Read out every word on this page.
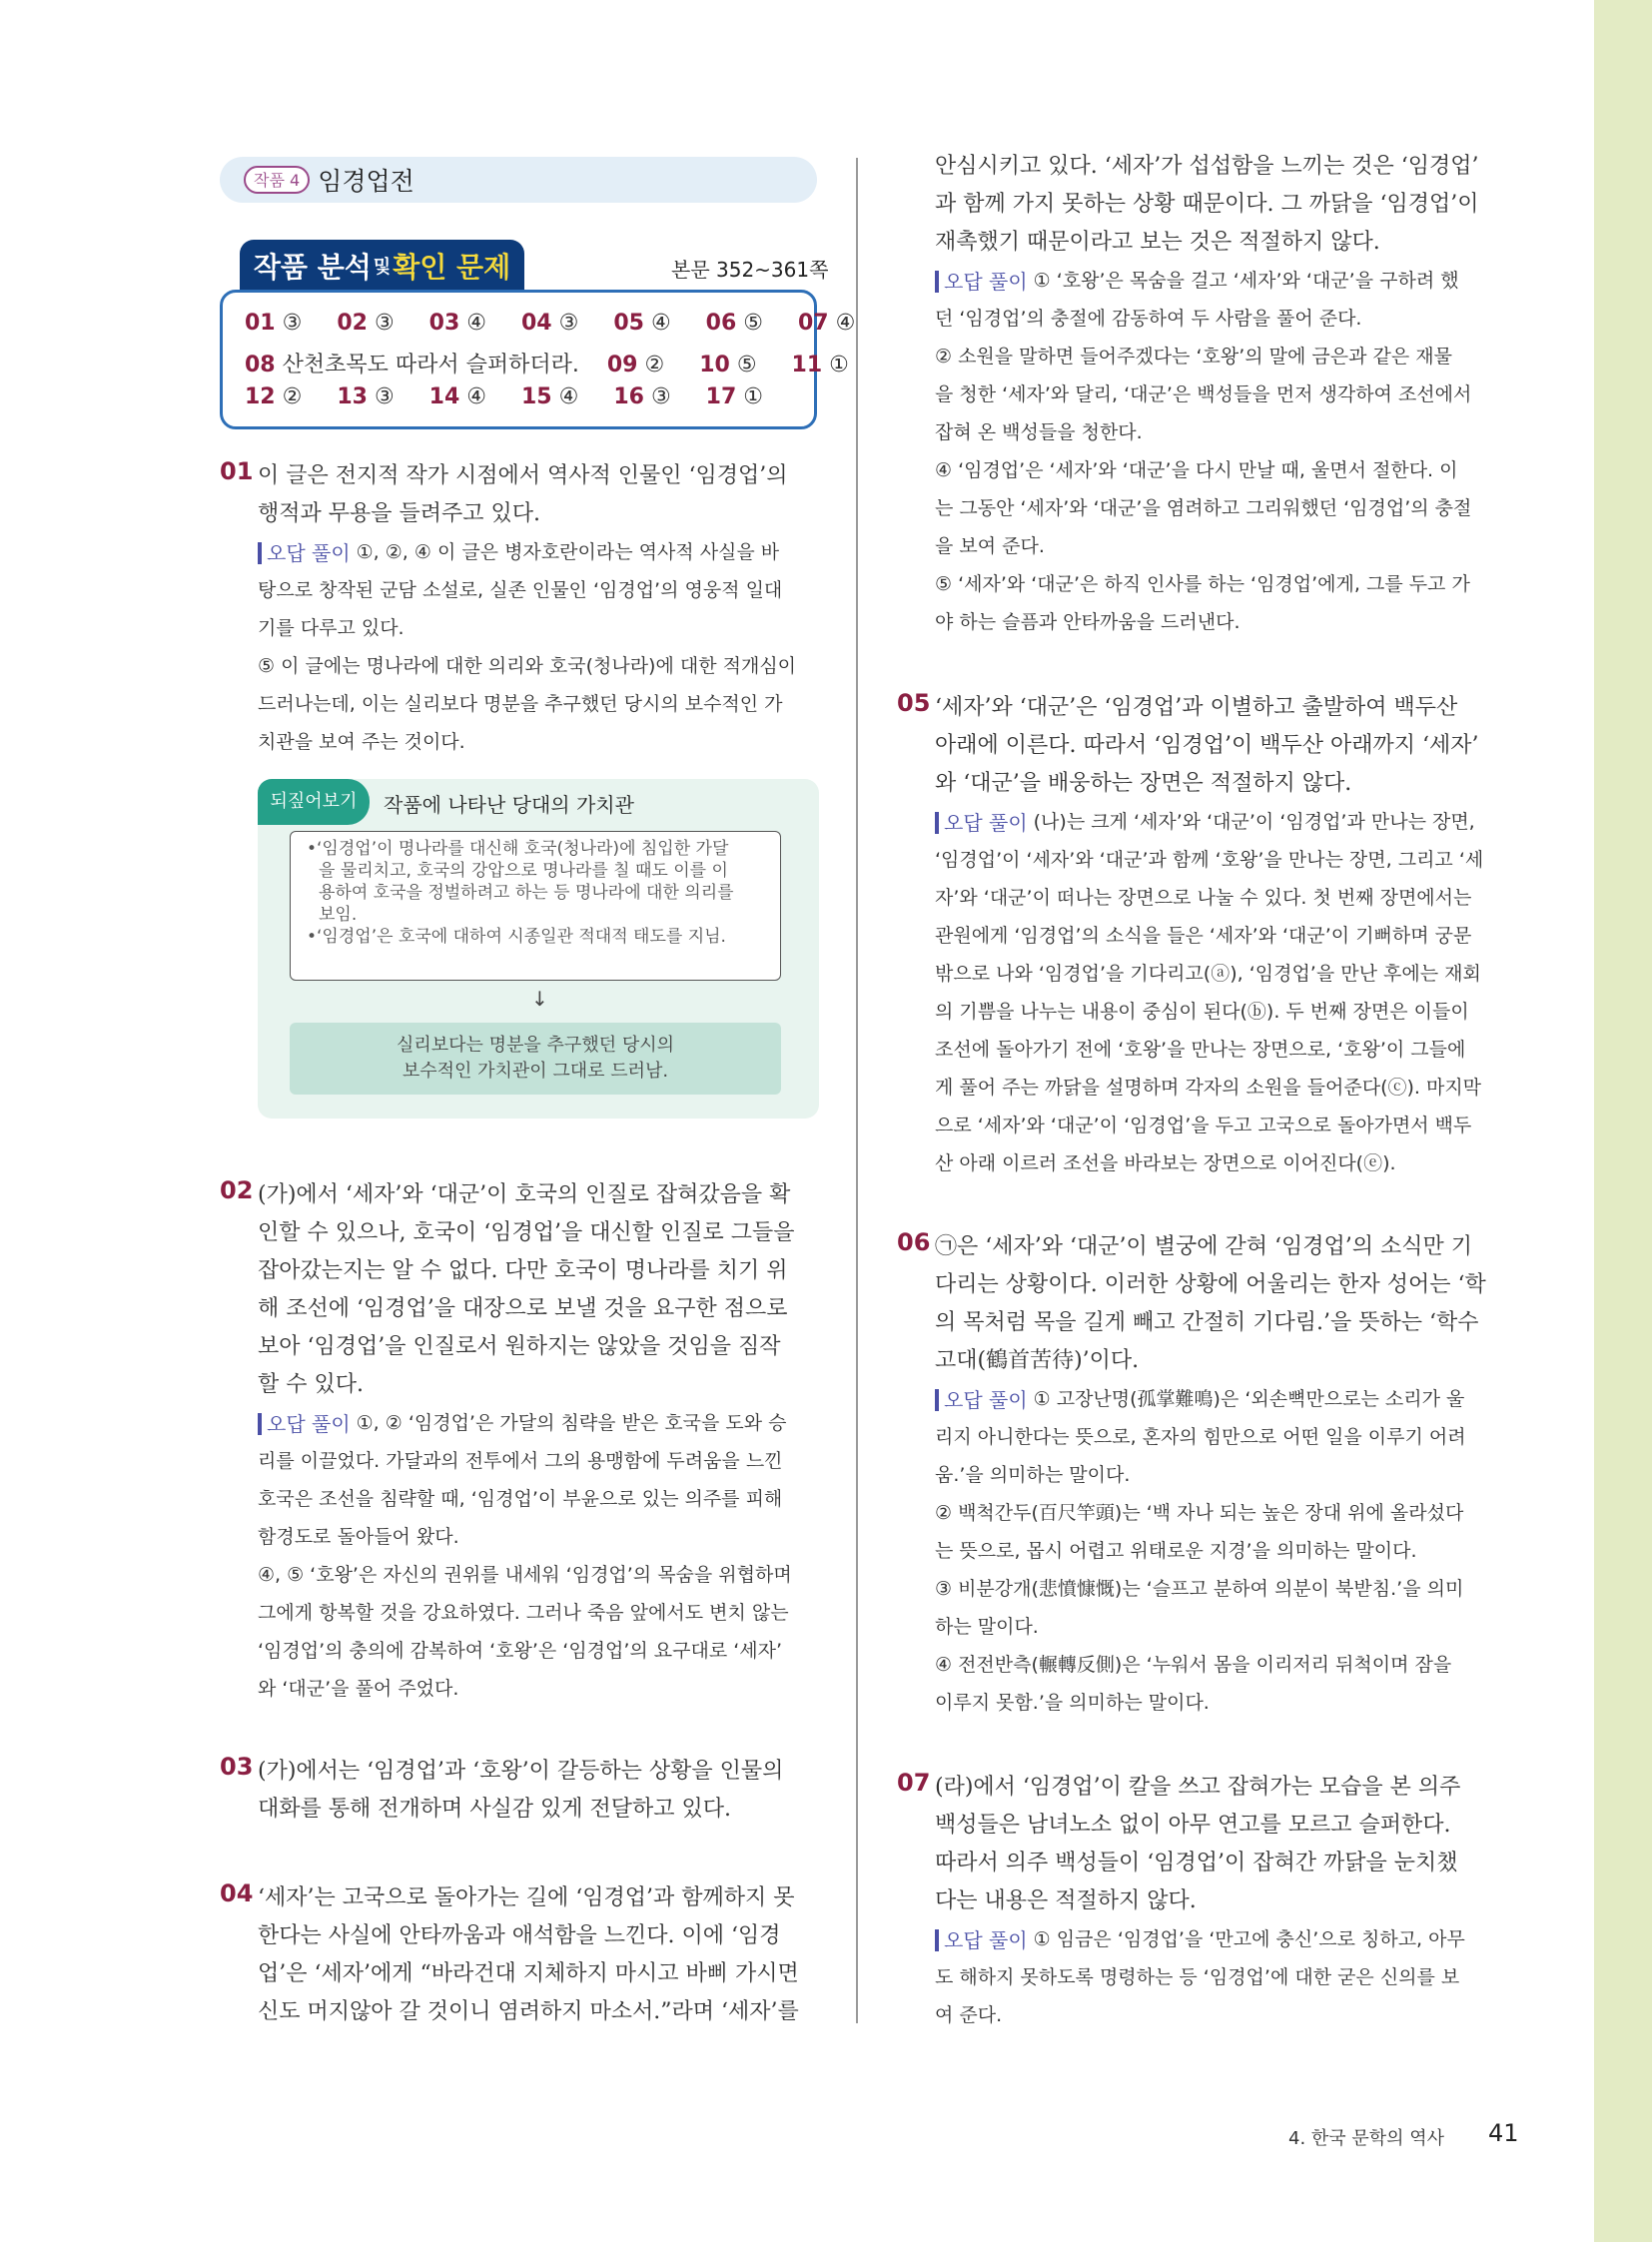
작품 4 임경업전
작품 분석 및 확인 문제	본문 352~361쪽
01 ③ 02 ③ 03 ④ 04 ③ 05 ④ 06 ⑤ 07 ④
08 산천초목도 따라서 슬퍼하더라. 09 ② 10 ⑤ 11 ①
12 ② 13 ③ 14 ④ 15 ④ 16 ③ 17 ①
01 이 글은 전지적 작가 시점에서 역사적 인물인 ‘임경업’의
행적과 무용을 들려주고 있다.
오답 풀이 ①, ②, ④ 이 글은 병자호란이라는 역사적 사실을 바
탕으로 창작된 군담 소설로, 실존 인물인 ‘임경업’의 영웅적 일대
기를 다루고 있다.
⑤ 이 글에는 명나라에 대한 의리와 호국(청나라)에 대한 적개심이
드러나는데, 이는 실리보다 명분을 추구했던 당시의 보수적인 가
치관을 보여 주는 것이다.
되짚어보기	작품에 나타난 당대의 가치관
•‘임경업’이 명나라를 대신해 호국(청나라)에 침입한 가달
을 물리치고, 호국의 강압으로 명나라를 칠 때도 이를 이
용하여 호국을 정벌하려고 하는 등 명나라에 대한 의리를
보임.
•‘임경업’은 호국에 대하여 시종일관 적대적 태도를 지님.
↓
실리보다는 명분을 추구했던 당시의
보수적인 가치관이 그대로 드러남.
02 (가)에서 ‘세자’와 ‘대군’이 호국의 인질로 잡혀갔음을 확
인할 수 있으나, 호국이 ‘임경업’을 대신할 인질로 그들을
잡아갔는지는 알 수 없다. 다만 호국이 명나라를 치기 위
해 조선에 ‘임경업’을 대장으로 보낼 것을 요구한 점으로
보아 ‘임경업’을 인질로서 원하지는 않았을 것임을 짐작
할 수 있다.
오답 풀이 ①, ② ‘임경업’은 가달의 침략을 받은 호국을 도와 승
리를 이끌었다. 가달과의 전투에서 그의 용맹함에 두려움을 느낀
호국은 조선을 침략할 때, ‘임경업’이 부윤으로 있는 의주를 피해
함경도로 돌아들어 왔다.
④, ⑤ ‘호왕’은 자신의 권위를 내세워 ‘임경업’의 목숨을 위협하며
그에게 항복할 것을 강요하였다. 그러나 죽음 앞에서도 변치 않는
‘임경업’의 충의에 감복하여 ‘호왕’은 ‘임경업’의 요구대로 ‘세자’
와 ‘대군’을 풀어 주었다.
03 (가)에서는 ‘임경업’과 ‘호왕’이 갈등하는 상황을 인물의
대화를 통해 전개하며 사실감 있게 전달하고 있다.
04 ‘세자’는 고국으로 돌아가는 길에 ‘임경업’과 함께하지 못
한다는 사실에 안타까움과 애석함을 느낀다. 이에 ‘임경
업’은 ‘세자’에게 “바라건대 지체하지 마시고 바삐 가시면
신도 머지않아 갈 것이니 염려하지 마소서.”라며 ‘세자’를
안심시키고 있다. ‘세자’가 섭섭함을 느끼는 것은 ‘임경업’
과 함께 가지 못하는 상황 때문이다. 그 까닭을 ‘임경업’이
재촉했기 때문이라고 보는 것은 적절하지 않다.
오답 풀이 ① ‘호왕’은 목숨을 걸고 ‘세자’와 ‘대군’을 구하려 했
던 ‘임경업’의 충절에 감동하여 두 사람을 풀어 준다.
② 소원을 말하면 들어주겠다는 ‘호왕’의 말에 금은과 같은 재물
을 청한 ‘세자’와 달리, ‘대군’은 백성들을 먼저 생각하여 조선에서
잡혀 온 백성들을 청한다.
④ ‘임경업’은 ‘세자’와 ‘대군’을 다시 만날 때, 울면서 절한다. 이
는 그동안 ‘세자’와 ‘대군’을 염려하고 그리워했던 ‘임경업’의 충절
을 보여 준다.
⑤ ‘세자’와 ‘대군’은 하직 인사를 하는 ‘임경업’에게, 그를 두고 가
야 하는 슬픔과 안타까움을 드러낸다.
05 ‘세자’와 ‘대군’은 ‘임경업’과 이별하고 출발하여 백두산
아래에 이른다. 따라서 ‘임경업’이 백두산 아래까지 ‘세자’
와 ‘대군’을 배웅하는 장면은 적절하지 않다.
오답 풀이 (나)는 크게 ‘세자’와 ‘대군’이 ‘임경업’과 만나는 장면,
‘임경업’이 ‘세자’와 ‘대군’과 함께 ‘호왕’을 만나는 장면, 그리고 ‘세
자’와 ‘대군’이 떠나는 장면으로 나눌 수 있다. 첫 번째 장면에서는
관원에게 ‘임경업’의 소식을 들은 ‘세자’와 ‘대군’이 기뻐하며 궁문
밖으로 나와 ‘임경업’을 기다리고(ⓐ), ‘임경업’을 만난 후에는 재회
의 기쁨을 나누는 내용이 중심이 된다(ⓑ). 두 번째 장면은 이들이
조선에 돌아가기 전에 ‘호왕’을 만나는 장면으로, ‘호왕’이 그들에
게 풀어 주는 까닭을 설명하며 각자의 소원을 들어준다(ⓒ). 마지막
으로 ‘세자’와 ‘대군’이 ‘임경업’을 두고 고국으로 돌아가면서 백두
산 아래 이르러 조선을 바라보는 장면으로 이어진다(ⓔ).
06 ㉠은 ‘세자’와 ‘대군’이 별궁에 갇혀 ‘임경업’의 소식만 기
다리는 상황이다. 이러한 상황에 어울리는 한자 성어는 ‘학
의 목처럼 목을 길게 빼고 간절히 기다림.’을 뜻하는 ‘학수
고대(鶴首苦待)’이다.
오답 풀이 ① 고장난명(孤掌難鳴)은 ‘외손뼉만으로는 소리가 울
리지 아니한다는 뜻으로, 혼자의 힘만으로 어떤 일을 이루기 어려
움.’을 의미하는 말이다.
② 백척간두(百尺竿頭)는 ‘백 자나 되는 높은 장대 위에 올라섰다
는 뜻으로, 몹시 어렵고 위태로운 지경’을 의미하는 말이다.
③ 비분강개(悲憤慷慨)는 ‘슬프고 분하여 의분이 북받침.’을 의미
하는 말이다.
④ 전전반측(輾轉反側)은 ‘누워서 몸을 이리저리 뒤척이며 잠을
이루지 못함.’을 의미하는 말이다.
07 (라)에서 ‘임경업’이 칼을 쓰고 잡혀가는 모습을 본 의주
백성들은 남녀노소 없이 아무 연고를 모르고 슬퍼한다.
따라서 의주 백성들이 ‘임경업’이 잡혀간 까닭을 눈치챘
다는 내용은 적절하지 않다.
오답 풀이 ① 임금은 ‘임경업’을 ‘만고에 충신’으로 칭하고, 아무
도 해하지 못하도록 명령하는 등 ‘임경업’에 대한 굳은 신의를 보
여 준다.
4. 한국 문학의 역사 41
